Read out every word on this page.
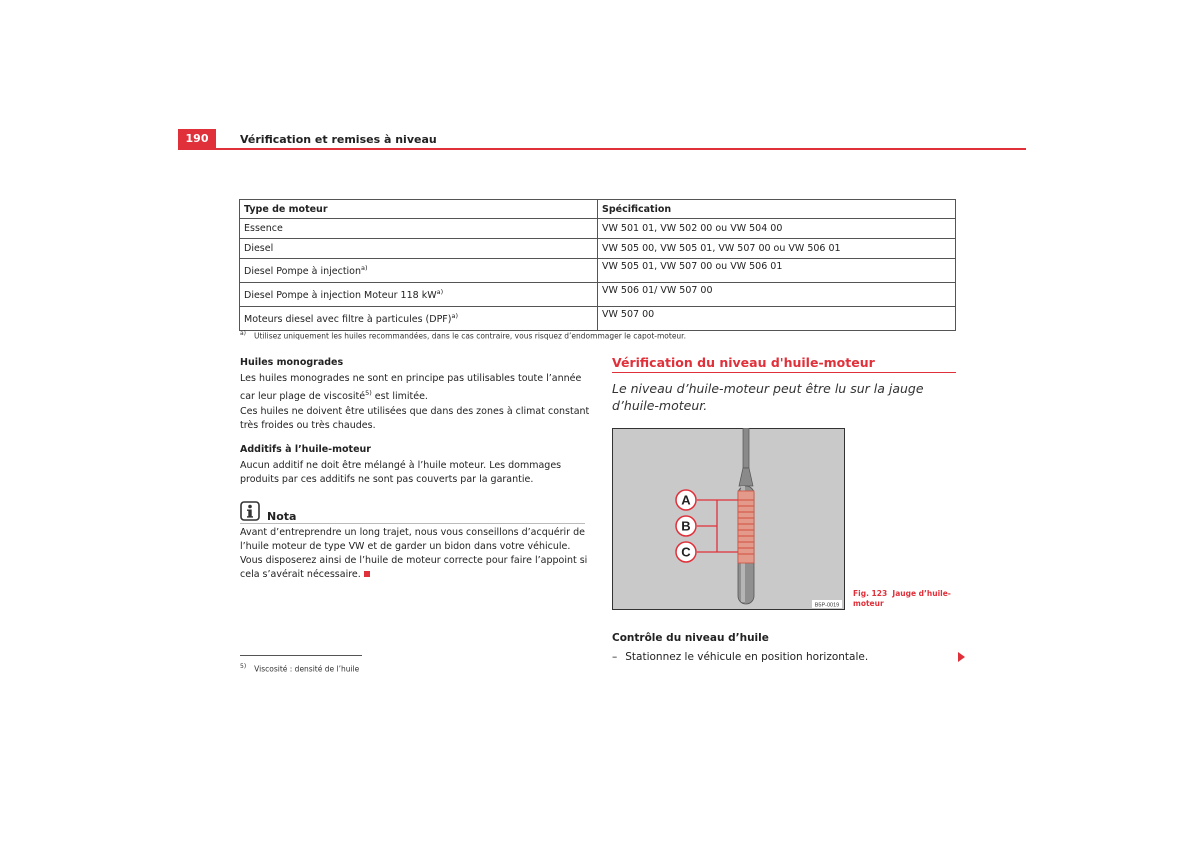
190	Vérification et remises à niveau
Type de moteur	Spécification
Essence	VW 501 01, VW 502 00 ou VW 504 00
Diesel	VW 505 00, VW 505 01, VW 507 00 ou VW 506 01
Diesel Pompe à injection$^{a)}$	VW 505 01, VW 507 00 ou VW 506 01
Diesel Pompe à injection Moteur 118 $kW^{a)}$	VW 506 01/ VW 507 00
Moteurs diesel avec filtre à particules (DPF)$^{a)}$	VW 507 00
$^{a)}$ Utilisez uniquement les huiles recommandées, dans le cas contraire, vous risquez d’endommager le capot-moteur.
Huiles monogrades
Les huiles monogrades ne sont en principe pas utilisables toute l’année car leur plage de viscosité$^{5)}$ est limitée.
Ces huiles ne doivent être utilisées que dans des zones à climat constant très froides ou très chaudes.
Additifs à l’huile-moteur
Aucun additif ne doit être mélangé à l’huile moteur. Les dommages produits par ces additifs ne sont pas couverts par la garantie.
Nota
Avant d’entreprendre un long trajet, nous vous conseillons d’acquérir de l’huile moteur de type VW et de garder un bidon dans votre véhicule. Vous disposerez ainsi de l’huile de moteur correcte pour faire l’appoint si cela s’avérait nécessaire.
$^{5)}$ Viscosité : densité de l’huile
Vérification du niveau d'huile-moteur
Le niveau d’huile-moteur peut être lu sur la jauge d’huile-moteur.
A
B
C
B5P-0019
Fig. 123 Jauge d’huile-moteur
Contrôle du niveau d’huile
– Stationnez le véhicule en position horizontale.
